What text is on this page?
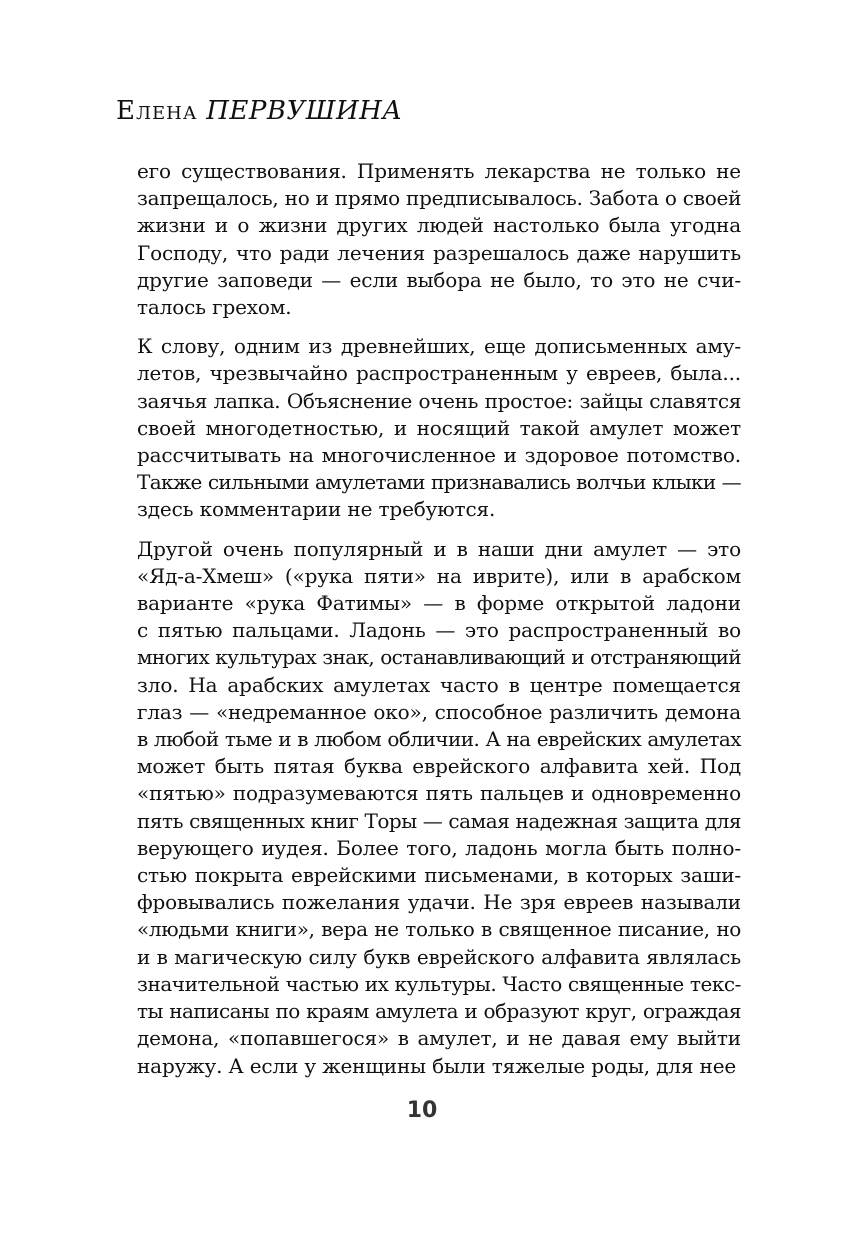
Елена ПЕРВУШИНА
его существования. Применять лекарства не только не
запрещалось, но и прямо предписывалось. Забота о своей
жизни и о жизни других людей настолько была угодна
Господу, что ради лечения разрешалось даже нарушить
другие заповеди — если выбора не было, то это не счи-
талось грехом.
К слову, одним из древнейших, еще дописьменных аму-
летов, чрезвычайно распространенным у евреев, была...
заячья лапка. Объяснение очень простое: зайцы славятся
своей многодетностью, и носящий такой амулет может
рассчитывать на многочисленное и здоровое потомство.
Также сильными амулетами признавались волчьи клыки —
здесь комментарии не требуются.
Другой очень популярный и в наши дни амулет — это
«Яд-а-Хмеш» («рука пяти» на иврите), или в арабском
варианте «рука Фатимы» — в форме открытой ладони
с пятью пальцами. Ладонь — это распространенный во
многих культурах знак, останавливающий и отстраняющий
зло. На арабских амулетах часто в центре помещается
глаз — «недреманное око», способное различить демона
в любой тьме и в любом обличии. А на еврейских амулетах
может быть пятая буква еврейского алфавита хей. Под
«пятью» подразумеваются пять пальцев и одновременно
пять священных книг Торы — самая надежная защита для
верующего иудея. Более того, ладонь могла быть полно-
стью покрыта еврейскими письменами, в которых заши-
фровывались пожелания удачи. Не зря евреев называли
«людьми книги», вера не только в священное писание, но
и в магическую силу букв еврейского алфавита являлась
значительной частью их культуры. Часто священные текс-
ты написаны по краям амулета и образуют круг, ограждая
демона, «попавшегося» в амулет, и не давая ему выйти
наружу. А если у женщины были тяжелые роды, для нее
10
